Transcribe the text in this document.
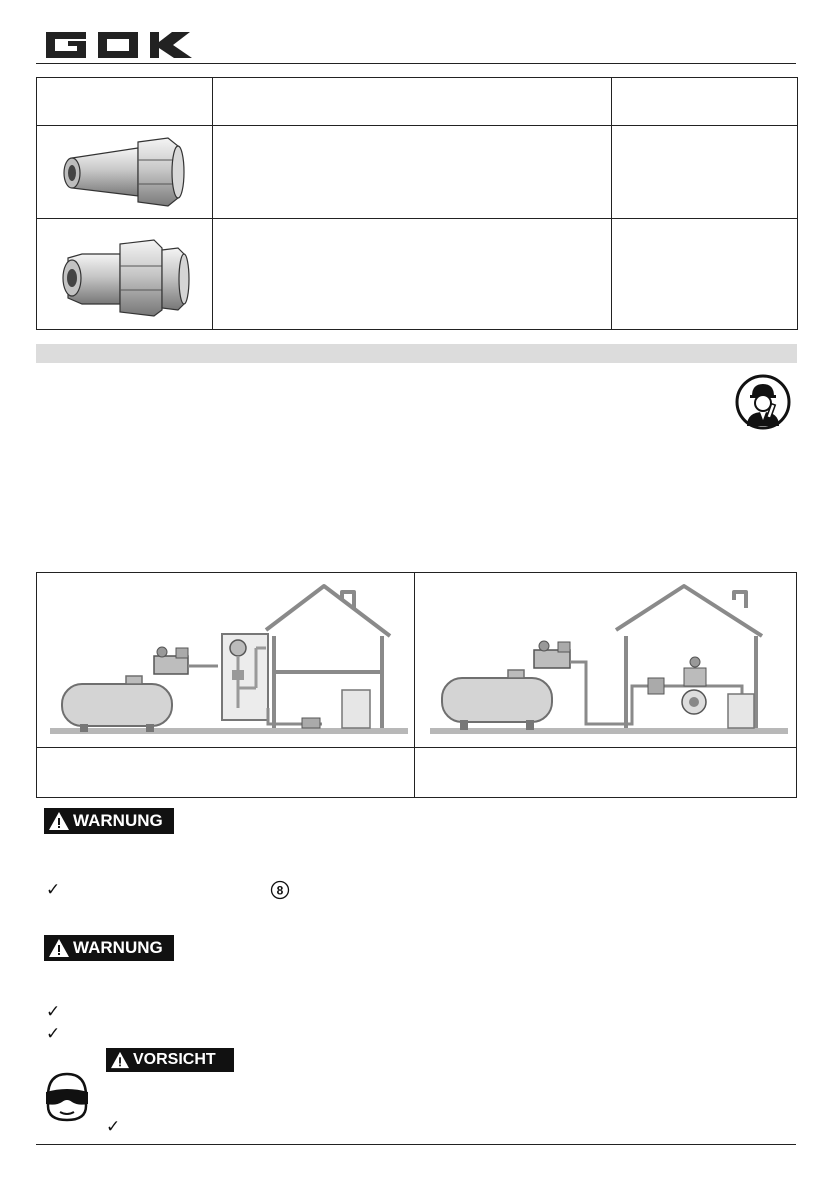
WARNUNG
✓	8
WARNUNG
✓
✓
VORSICHT
✓
